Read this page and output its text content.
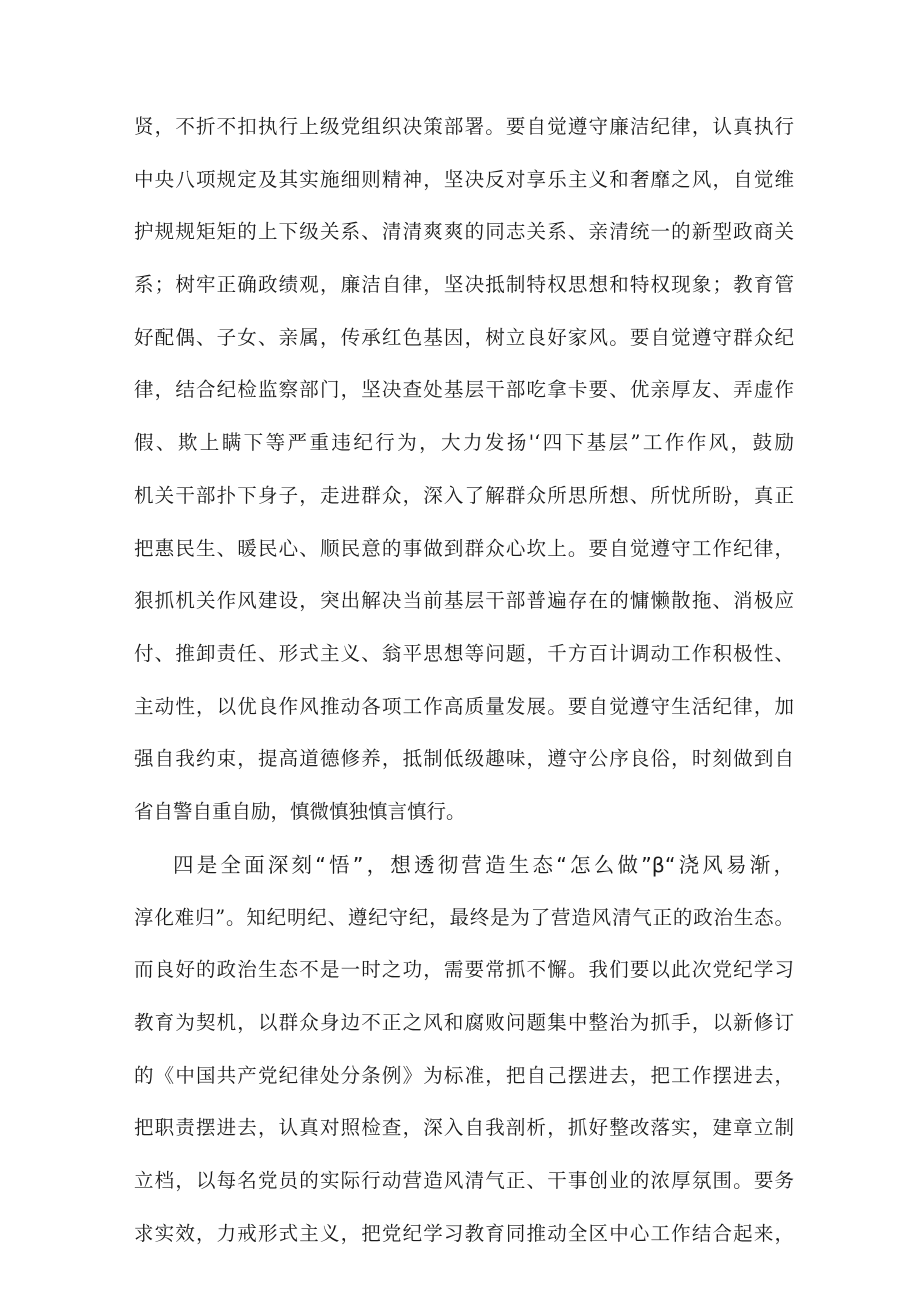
贤，不折不扣执行上级党组织决策部署。要自觉遵守廉洁纪律，认真执行
中央八项规定及其实施细则精神，坚决反对享乐主义和奢靡之风，自觉维
护规规矩矩的上下级关系、清清爽爽的同志关系、亲清统一的新型政商关
系；树牢正确政绩观，廉洁自律，坚决抵制特权思想和特权现象；教育管
好配偶、子女、亲属，传承红色基因，树立良好家风。要自觉遵守群众纪
律，结合纪检监察部门，坚决查处基层干部吃拿卡要、优亲厚友、弄虚作
假、欺上瞒下等严重违纪行为，大力发扬'‘四下基层”工作作风，鼓励
机关干部扑下身子，走进群众，深入了解群众所思所想、所忧所盼，真正
把惠民生、暖民心、顺民意的事做到群众心坎上。要自觉遵守工作纪律，
狠抓机关作风建设，突出解决当前基层干部普遍存在的慵懒散拖、消极应
付、推卸责任、形式主义、翁平思想等问题，千方百计调动工作积极性、
主动性，以优良作风推动各项工作高质量发展。要自觉遵守生活纪律，加
强自我约束，提高道德修养，抵制低级趣味，遵守公序良俗，时刻做到自
省自警自重自励，慎微慎独慎言慎行。
四是全面深刻“悟”，想透彻营造生态“怎么做”β“浇风易渐，
淳化难归”。知纪明纪、遵纪守纪，最终是为了营造风清气正的政治生态。
而良好的政治生态不是一时之功，需要常抓不懈。我们要以此次党纪学习
教育为契机，以群众身边不正之风和腐败问题集中整治为抓手，以新修订
的《中国共产党纪律处分条例》为标准，把自己摆进去，把工作摆进去，
把职责摆进去，认真对照检查，深入自我剖析，抓好整改落实，建章立制
立档，以每名党员的实际行动营造风清气正、干事创业的浓厚氛围。要务
求实效，力戒形式主义，把党纪学习教育同推动全区中心工作结合起来，
